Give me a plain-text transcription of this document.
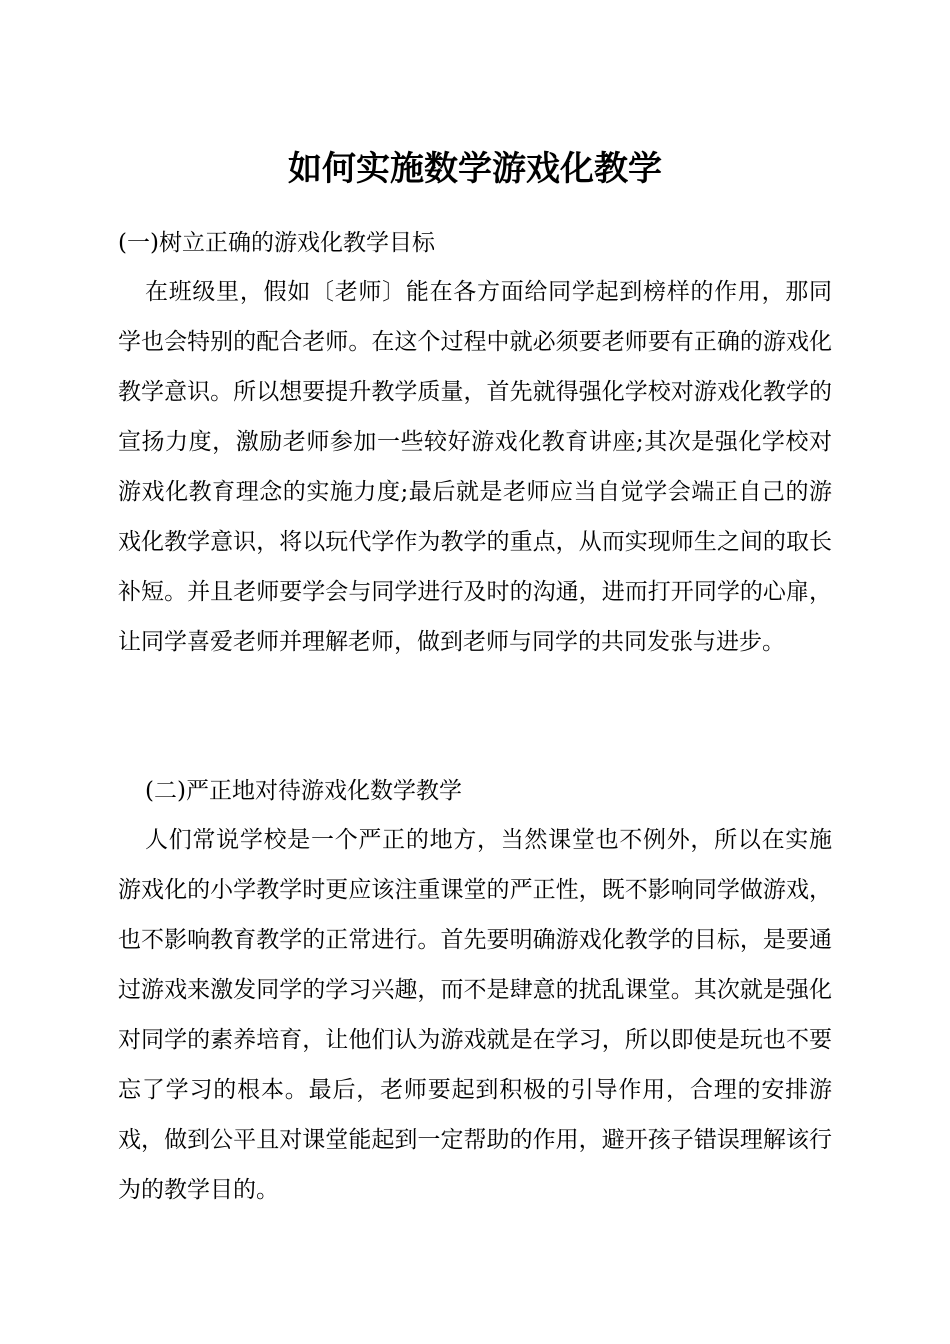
如何实施数学游戏化教学

(一)树立正确的游戏化教学目标

在班级里，假如〔老师〕能在各方面给同学起到榜样的作用，那同学也会特别的配合老师。在这个过程中就必须要老师要有正确的游戏化教学意识。所以想要提升教学质量，首先就得强化学校对游戏化教学的宣扬力度，激励老师参加一些较好游戏化教育讲座;其次是强化学校对游戏化教育理念的实施力度;最后就是老师应当自觉学会端正自己的游戏化教学意识，将以玩代学作为教学的重点，从而实现师生之间的取长补短。并且老师要学会与同学进行及时的沟通，进而打开同学的心扉，让同学喜爱老师并理解老师，做到老师与同学的共同发张与进步。

(二)严正地对待游戏化数学教学

人们常说学校是一个严正的地方，当然课堂也不例外，所以在实施游戏化的小学教学时更应该注重课堂的严正性，既不影响同学做游戏，也不影响教育教学的正常进行。首先要明确游戏化教学的目标，是要通过游戏来激发同学的学习兴趣，而不是肆意的扰乱课堂。其次就是强化对同学的素养培育，让他们认为游戏就是在学习，所以即使是玩也不要忘了学习的根本。最后，老师要起到积极的引导作用，合理的安排游戏，做到公平且对课堂能起到一定帮助的作用，避开孩子错误理解该行为的教学目的。
